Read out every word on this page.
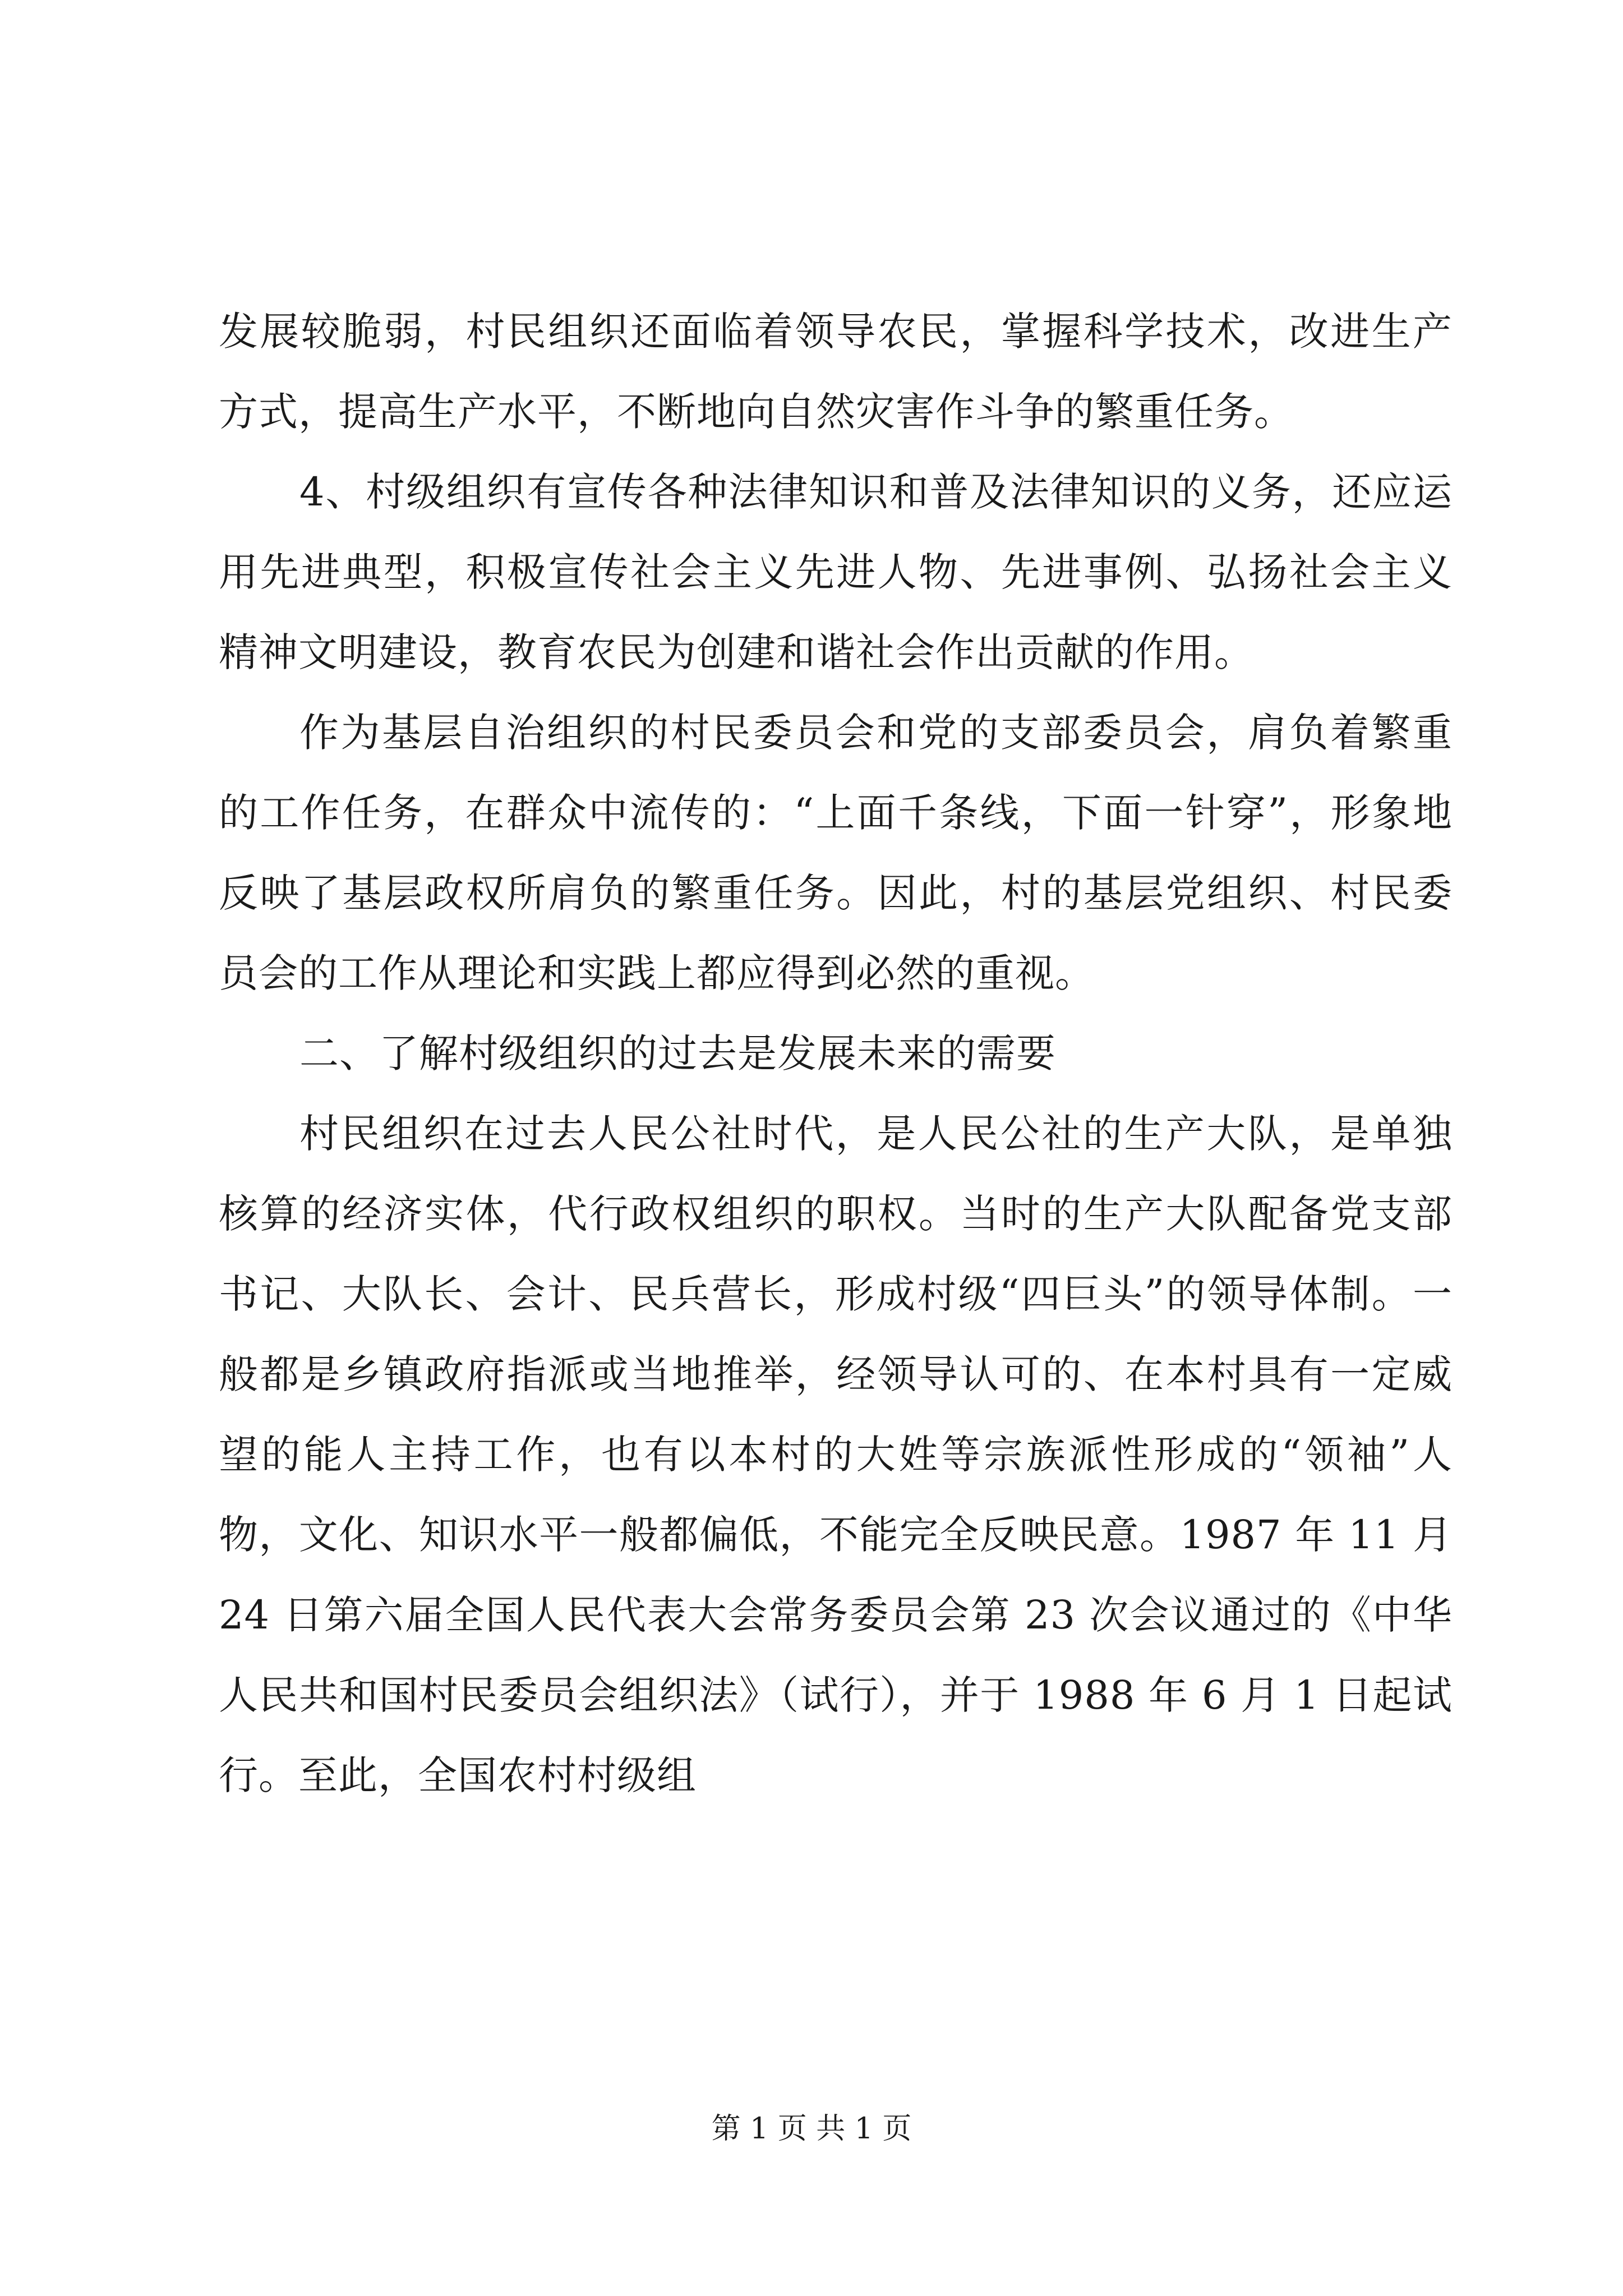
发展较脆弱，村民组织还面临着领导农民，掌握科学技术，改进生产方式，提高生产水平，不断地向自然灾害作斗争的繁重任务。

4、村级组织有宣传各种法律知识和普及法律知识的义务，还应运用先进典型，积极宣传社会主义先进人物、先进事例、弘扬社会主义精神文明建设，教育农民为创建和谐社会作出贡献的作用。

作为基层自治组织的村民委员会和党的支部委员会，肩负着繁重的工作任务，在群众中流传的：“上面千条线，下面一针穿”，形象地反映了基层政权所肩负的繁重任务。因此，村的基层党组织、村民委员会的工作从理论和实践上都应得到必然的重视。

二、了解村级组织的过去是发展未来的需要

村民组织在过去人民公社时代，是人民公社的生产大队，是单独核算的经济实体，代行政权组织的职权。当时的生产大队配备党支部书记、大队长、会计、民兵营长，形成村级“四巨头”的领导体制。一般都是乡镇政府指派或当地推举，经领导认可的、在本村具有一定威望的能人主持工作，也有以本村的大姓等宗族派性形成的“领袖”人物，文化、知识水平一般都偏低，不能完全反映民意。1987 年 11 月 24 日第六届全国人民代表大会常务委员会第 23 次会议通过的《中华人民共和国村民委员会组织法》（试行），并于 1988 年 6 月 1 日起试行。至此，全国农村村级组

第 1 页 共 1 页
